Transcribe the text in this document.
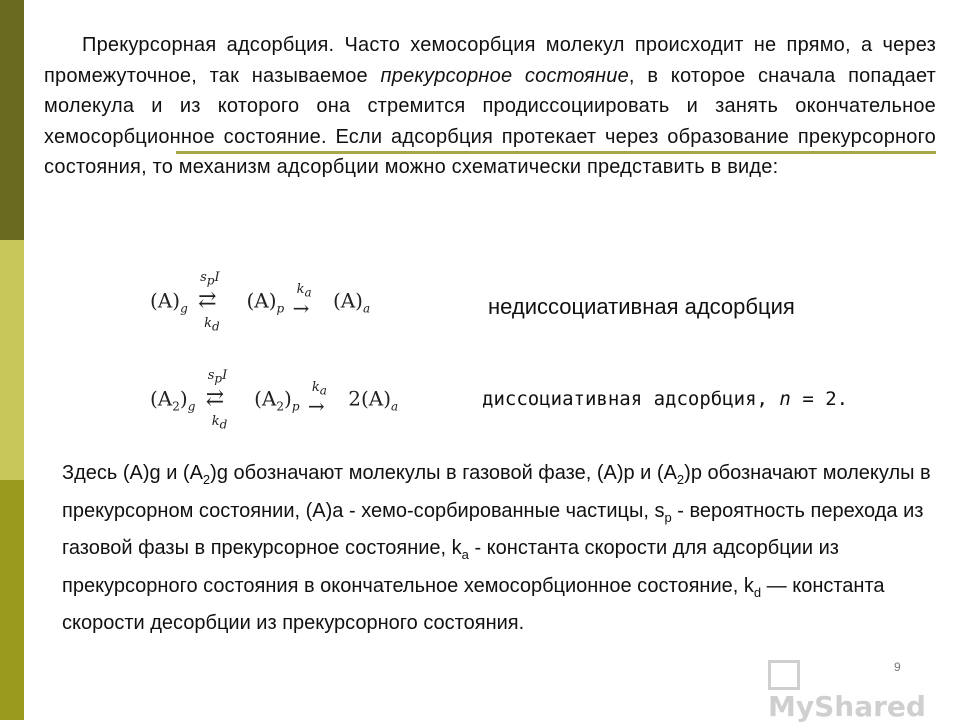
Прекурсорная адсорбция. Часто хемосорбция молекул происходит не прямо, а через промежуточное, так называемое прекурсорное состояние, в которое сначала попадает молекула и из которого она стремится продиссоциировать и занять окончательное хемосорбционное состояние. Если адсорбция протекает через образование прекурсорного состояния, то механизм адсорбции можно схематически представить в виде:
$(A)_g$
$s_pI$
⇄
$k_d$
$(A)_p$
$k_a$
→ $(A)_a$	недиссоциативная адсорбция
$(A_2)_g$
$s_pI$
⇄
$k_d$
$(A_2)_p$
$k_a$
→ $2(A)_a$	диссоциативная адсорбция, n = 2.
Здесь (A)g и $(A_2)g$ обозначают молекулы в газовой фазе, (A)p и $(A_2)p$ обозначают молекулы в прекурсорном состоянии, (A)a - хемо-сорбированные частицы, $s_p$ - вероятность перехода из газовой фазы в прекурсорное состояние, $k_a$ - константа скорости для адсорбции из прекурсорного состояния в окончательное хемосорбционное состояние, $k_d$ — константа скорости десорбции из прекурсорного состояния.
MyShared
9
